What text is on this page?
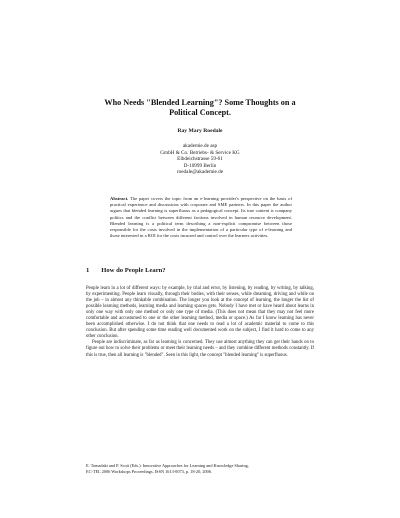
Who Needs "Blended Learning"? Some Thoughts on a Political Concept.
Ray Mary Roedale
akademie.de asp
GmbH & Co. Betriebs- & Service KG
Elbdeichstrasse 59-61
D-10999 Berlin
roedale@akademie.de
Abstract. The paper covers the topic from an e-learning provider's perspective on the basis of practical experience and discussions with corporate and SME partners. In this paper the author argues that blended learning is superfluous as a pedagogical concept. Its true content is company politics and the conflict between different factions involved in human resource development. Blended learning is a political term describing a non-explicit compromise between those responsible for the costs involved in the implementation of a particular type of e-learning and those interested in a ROI for the costs incurred and control over the learners activities.
1 How do People Learn?

People learn in a lot of different ways: by example, by trial and error, by listening, by reading, by writing, by talking, by experimenting. People learn visually, through their bodies, with their senses, while dreaming, driving and while on the job – in almost any thinkable combination. The longer you look at the concept of learning, the longer the list of possible learning methods, learning media and learning spaces gets. Nobody I have met or have heard about learns in only one way with only one method or only one type of media. (This does not mean that they may not feel more comfortable and accustomed to one or the other learning method, media or space.) As far I know learning has never been accomplished otherwise. I do not think that one needs to read a lot of academic material to come to this conclusion. But after spending some time reading well documented work on the subject, I find it hard to come to any other conclusion.

People are indiscriminate, as far as learning is concerned. They use almost anything they can get their hands on to figure out how to solve their problems or meet their learning needs – and they combine different methods constantly. If this is true, then all learning is "blended". Seen in this light, the concept "blended learning" is superfluous.

E. Tomadaki and P. Scott (Eds.): Innovative Approaches for Learning and Knowledge Sharing,
EC-TEL 2006 Workshops Proceedings, ISSN 1613-0073, p. 18-20, 2006.
